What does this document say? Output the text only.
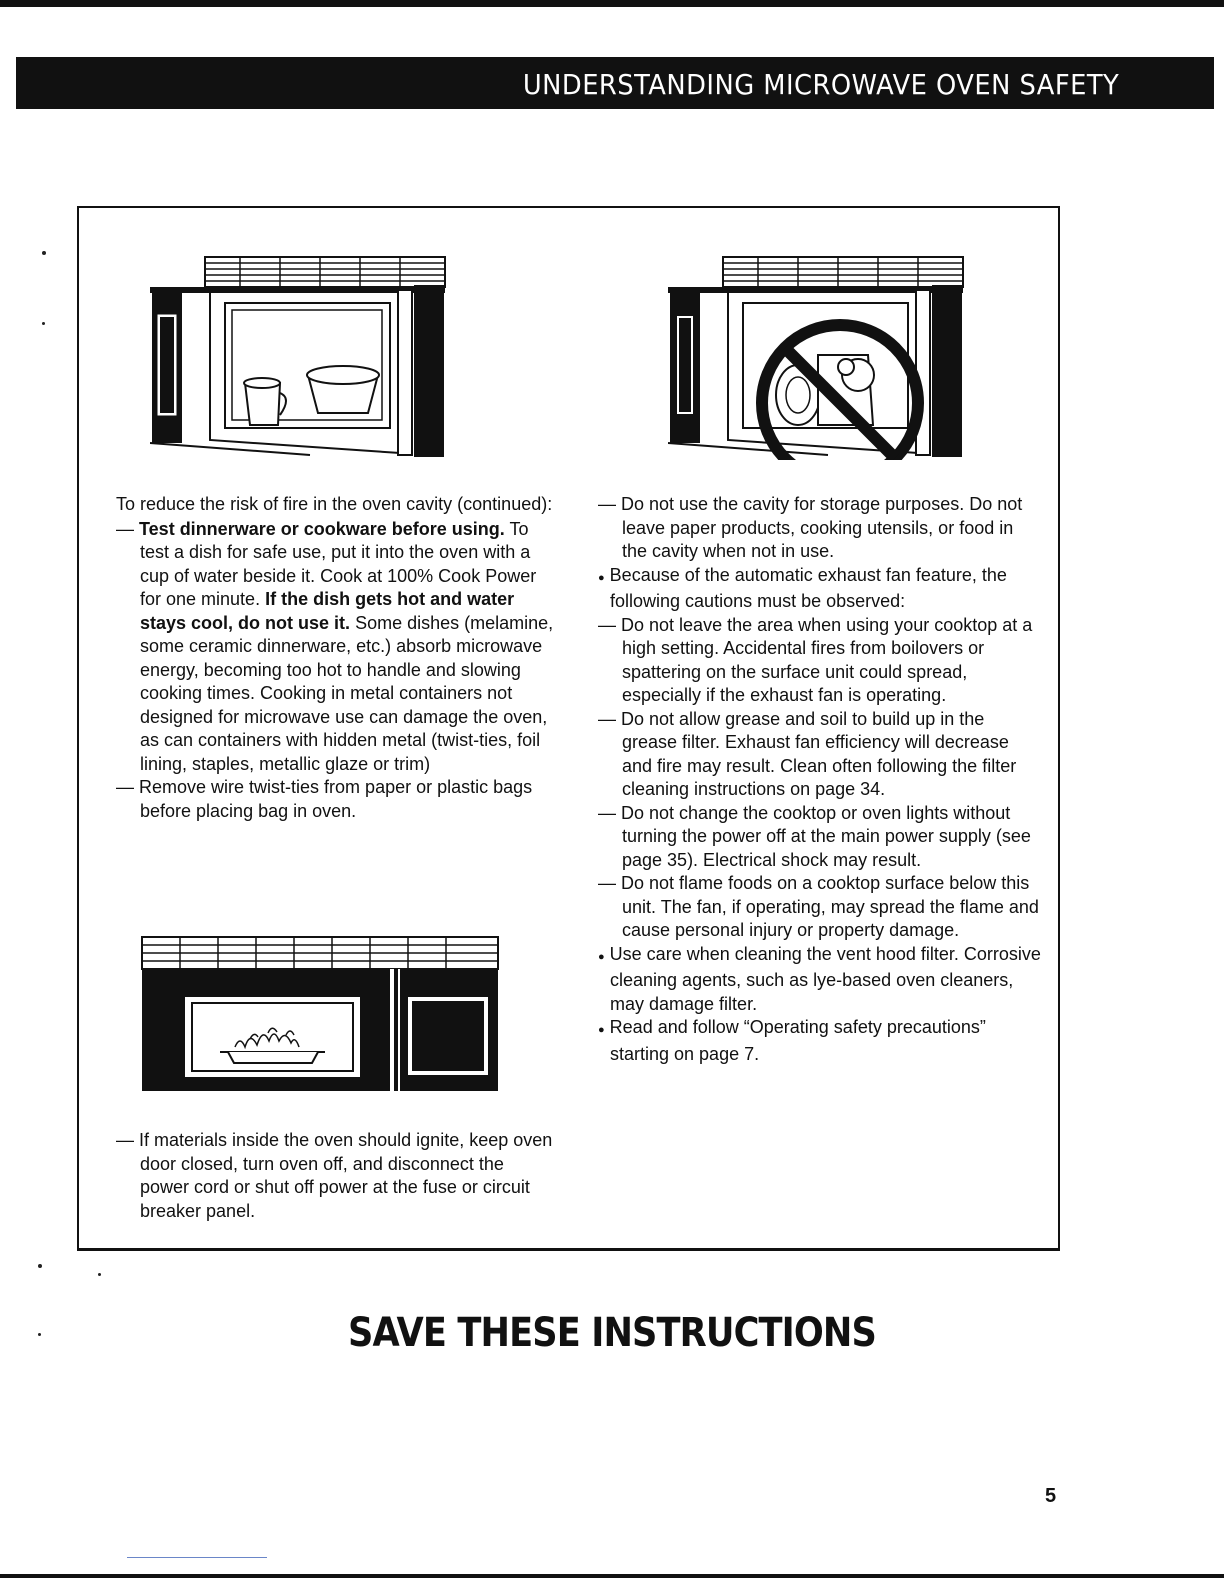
UNDERSTANDING MICROWAVE OVEN SAFETY

To reduce the risk of fire in the oven cavity (continued):

— Test dinnerware or cookware before using. To test a dish for safe use, put it into the oven with a cup of water beside it. Cook at 100% Cook Power for one minute. If the dish gets hot and water stays cool, do not use it. Some dishes (melamine, some ceramic dinnerware, etc.) absorb microwave energy, becoming too hot to handle and slowing cooking times. Cooking in metal containers not designed for microwave use can damage the oven, as can containers with hidden metal (twist-ties, foil lining, staples, metallic glaze or trim)

— Remove wire twist-ties from paper or plastic bags before placing bag in oven.

— If materials inside the oven should ignite, keep oven door closed, turn oven off, and disconnect the power cord or shut off power at the fuse or circuit breaker panel.

— Do not use the cavity for storage purposes. Do not leave paper products, cooking utensils, or food in the cavity when not in use.

● Because of the automatic exhaust fan feature, the following cautions must be observed:

— Do not leave the area when using your cooktop at a high setting. Accidental fires from boilovers or spattering on the surface unit could spread, especially if the exhaust fan is operating.

— Do not allow grease and soil to build up in the grease filter. Exhaust fan efficiency will decrease and fire may result. Clean often following the filter cleaning instructions on page 34.

— Do not change the cooktop or oven lights without turning the power off at the main power supply (see page 35). Electrical shock may result.

— Do not flame foods on a cooktop surface below this unit. The fan, if operating, may spread the flame and cause personal injury or property damage.

● Use care when cleaning the vent hood filter. Corrosive cleaning agents, such as lye-based oven cleaners, may damage filter.

● Read and follow “Operating safety precautions” starting on page 7.

SAVE THESE INSTRUCTIONS
5
